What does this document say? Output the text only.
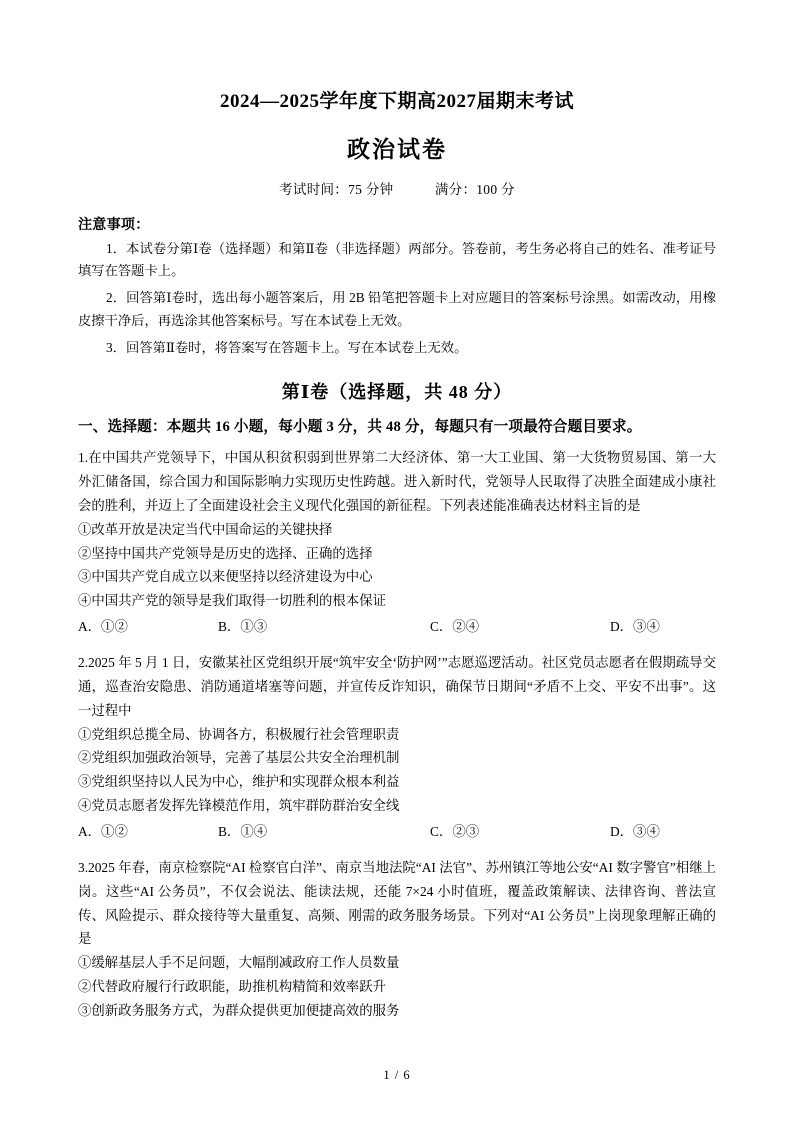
2024—2025学年度下期高2027届期末考试
政治试卷
考试时间：75 分钟	满分：100 分
注意事项：
1．本试卷分第Ⅰ卷（选择题）和第Ⅱ卷（非选择题）两部分。答卷前，考生务必将自己的姓名、准考证号填写在答题卡上。
2．回答第Ⅰ卷时，选出每小题答案后，用 2B 铅笔把答题卡上对应题目的答案标号涂黑。如需改动，用橡皮擦干净后，再选涂其他答案标号。写在本试卷上无效。
3．回答第Ⅱ卷时，将答案写在答题卡上。写在本试卷上无效。
第Ⅰ卷（选择题，共 48 分）
一、选择题：本题共 16 小题，每小题 3 分，共 48 分，每题只有一项最符合题目要求。
1.在中国共产党领导下，中国从积贫积弱到世界第二大经济体、第一大工业国、第一大货物贸易国、第一大外汇储备国，综合国力和国际影响力实现历史性跨越。进入新时代，党领导人民取得了决胜全面建成小康社会的胜利，并迈上了全面建设社会主义现代化强国的新征程。下列表述能准确表达材料主旨的是
①改革开放是决定当代中国命运的关键抉择
②坚持中国共产党领导是历史的选择、正确的选择
③中国共产党自成立以来便坚持以经济建设为中心
④中国共产党的领导是我们取得一切胜利的根本保证
A．①②	B．①③	C．②④	D．③④
2.2025 年 5 月 1 日，安徽某社区党组织开展“筑牢安全‘防护网’”志愿巡逻活动。社区党员志愿者在假期疏导交通，巡查治安隐患、消防通道堵塞等问题，并宣传反诈知识，确保节日期间“矛盾不上交、平安不出事”。这一过程中
①党组织总揽全局、协调各方，积极履行社会管理职责
②党组织加强政治领导，完善了基层公共安全治理机制
③党组织坚持以人民为中心，维护和实现群众根本利益
④党员志愿者发挥先锋模范作用，筑牢群防群治安全线
A．①②	B．①④	C．②③	D．③④
3.2025 年春，南京检察院“AI 检察官白洋”、南京当地法院“AI 法官”、苏州镇江等地公安“AI 数字警官”相继上岗。这些“AI 公务员”，不仅会说法、能读法规，还能 7×24 小时值班，覆盖政策解读、法律咨询、普法宣传、风险提示、群众接待等大量重复、高频、刚需的政务服务场景。下列对“AI 公务员”上岗现象理解正确的是
①缓解基层人手不足问题，大幅削减政府工作人员数量
②代替政府履行行政职能，助推机构精简和效率跃升
③创新政务服务方式，为群众提供更加便捷高效的服务
1 / 6
